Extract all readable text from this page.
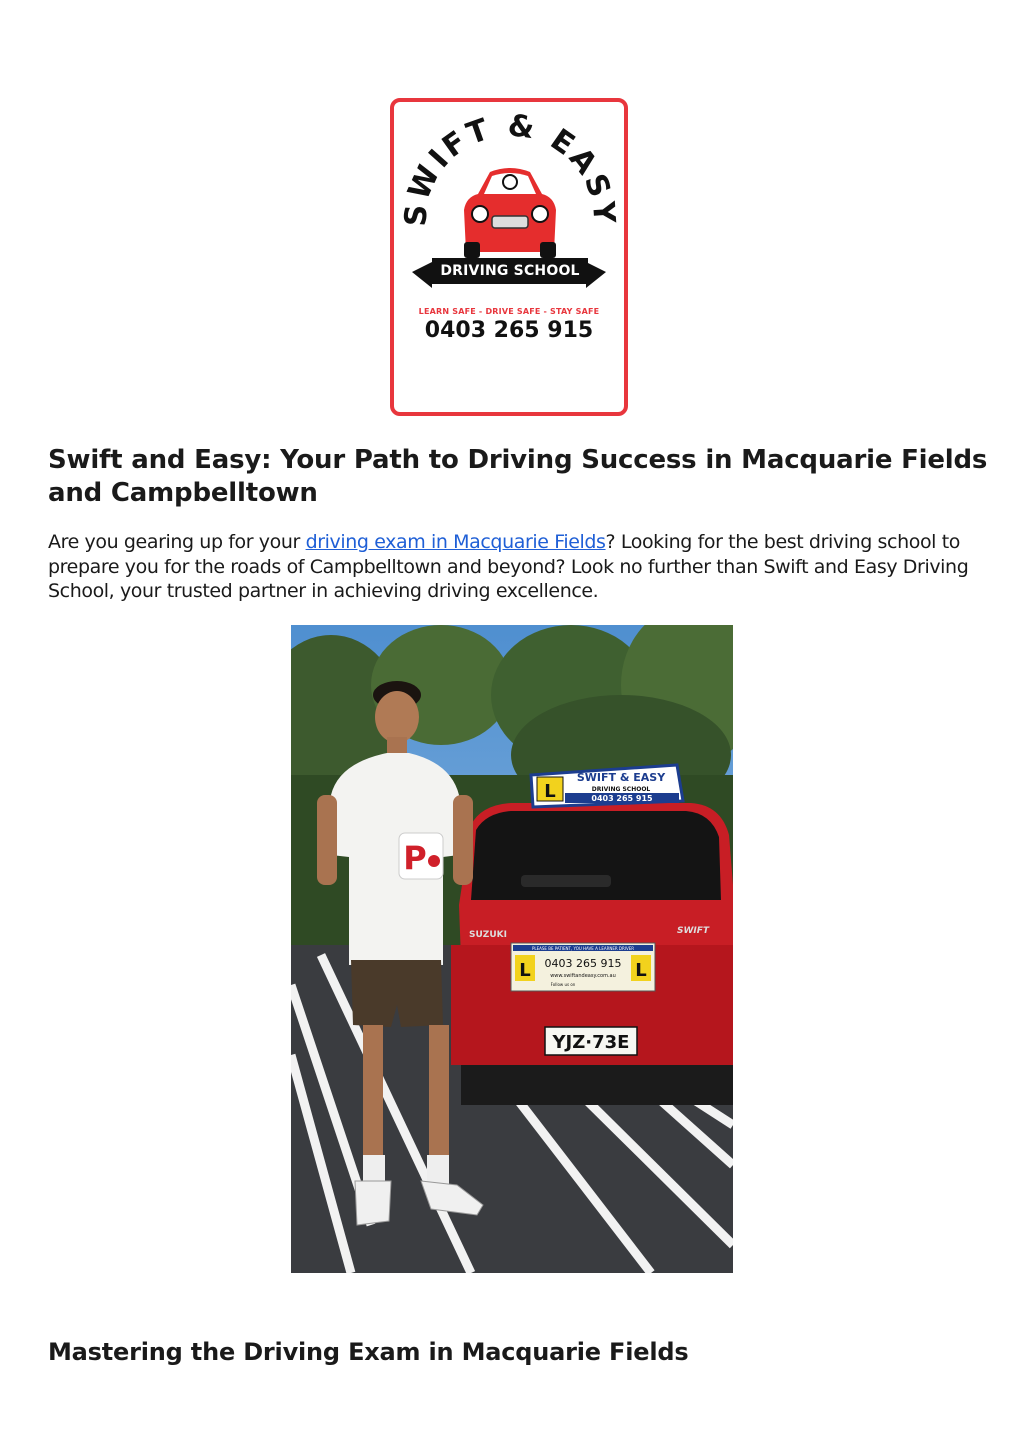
SWIFT & EASY
DRIVING SCHOOL
LEARN SAFE - DRIVE SAFE - STAY SAFE
0403 265 915
Swift and Easy: Your Path to Driving Success in Macquarie Fields and Campbelltown

Are you gearing up for your driving exam in Macquarie Fields? Looking for the best driving school to prepare you for the roads of Campbelltown and beyond? Look no further than Swift and Easy Driving School, your trusted partner in achieving driving excellence.

L
SWIFT & EASY
DRIVING SCHOOL
0403 265 915
SUZUKI	SWIFT
PLEASE BE PATIENT, YOU HAVE A LEARNER DRIVER
L	L
0403 265 915
www.swiftandeasy.com.au
Follow us on
YJZ·73E
P
Mastering the Driving Exam in Macquarie Fields
